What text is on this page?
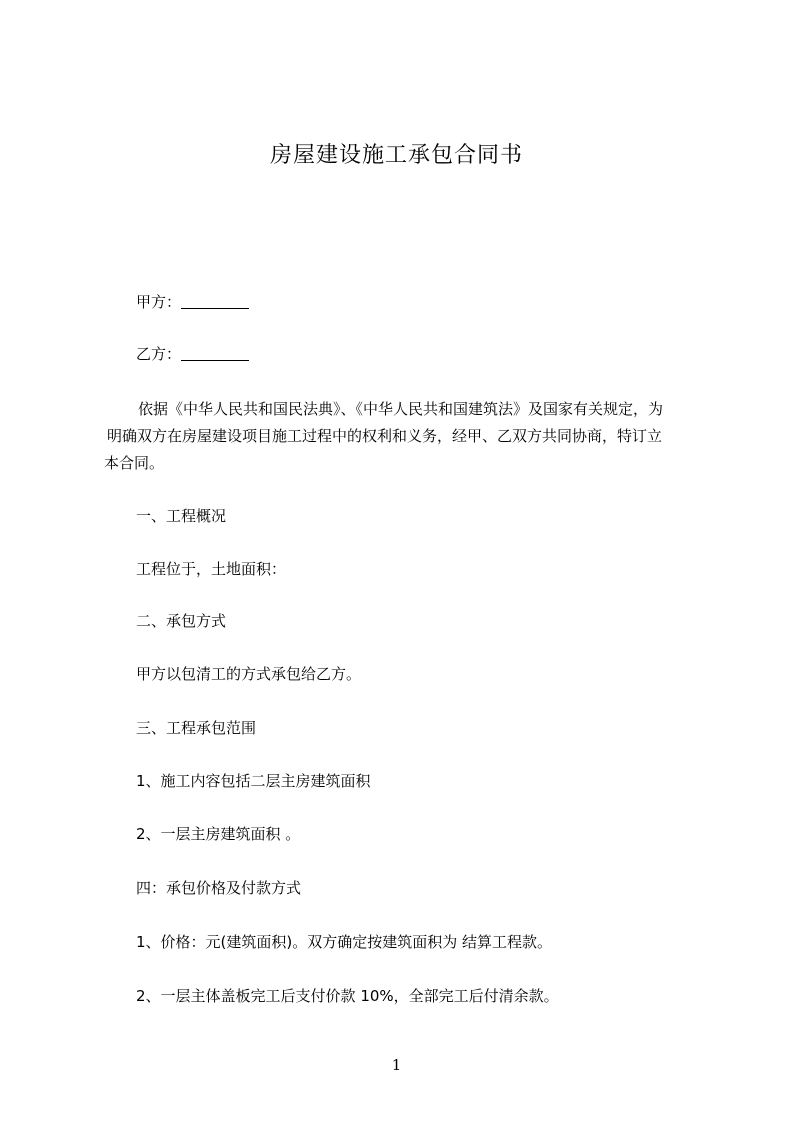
房屋建设施工承包合同书
甲方：
乙方：
依据《中华人民共和国民法典》、《中华人民共和国建筑法》及国家有关规定，为
明确双方在房屋建设项目施工过程中的权利和义务，经甲、乙双方共同协商，特订立
本合同。
一、工程概况
工程位于，土地面积：
二、承包方式
甲方以包清工的方式承包给乙方。
三、工程承包范围
1、施工内容包括二层主房建筑面积
2、一层主房建筑面积 。
四：承包价格及付款方式
1、价格：元(建筑面积)。双方确定按建筑面积为 结算工程款。
2、一层主体盖板完工后支付价款 10%，全部完工后付清余款。
1
